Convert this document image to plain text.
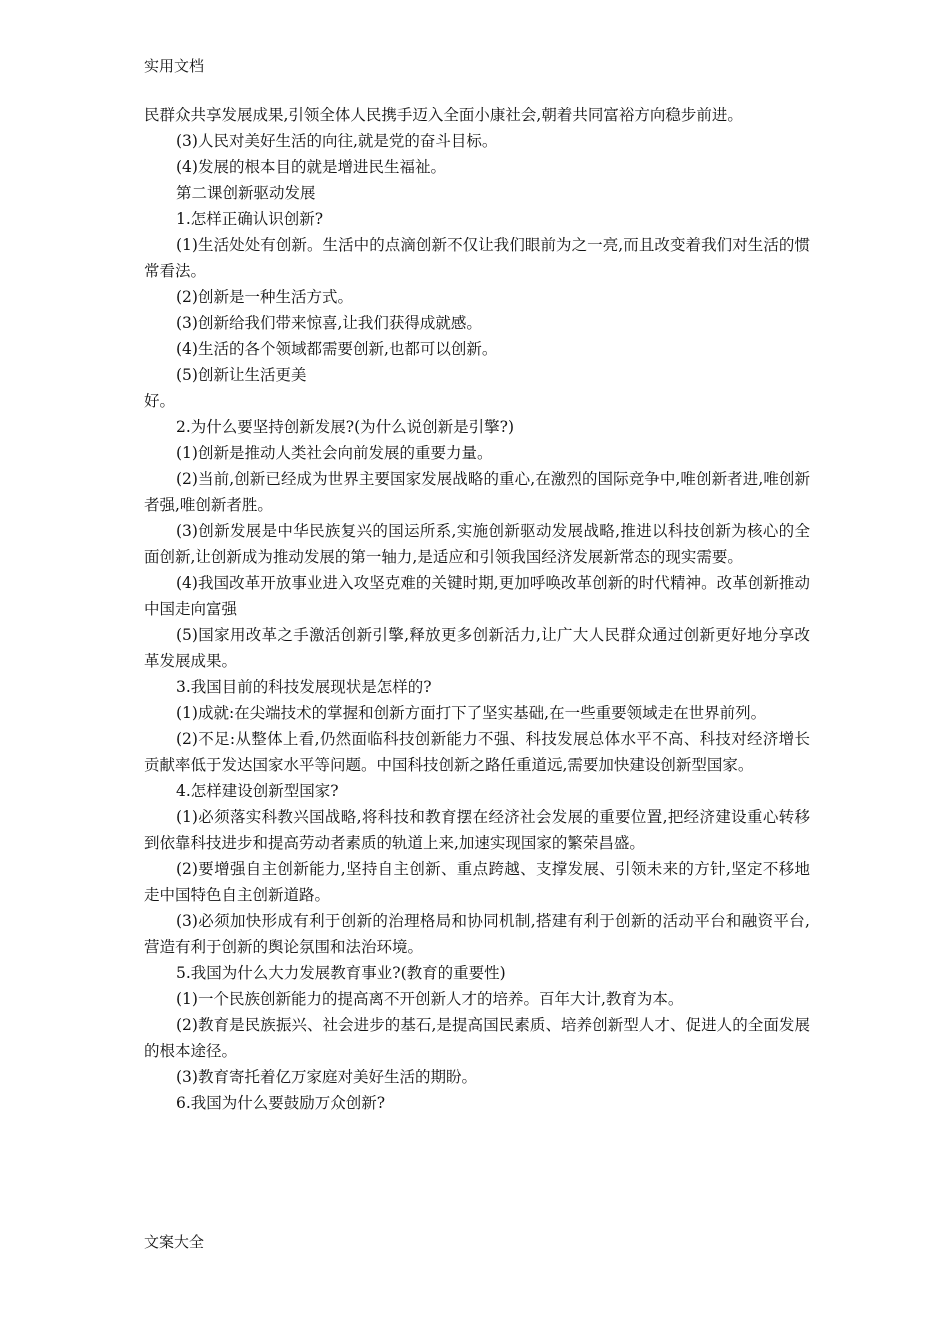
实用文档

民群众共享发展成果,引领全体人民携手迈入全面小康社会,朝着共同富裕方向稳步前进。

(3)人民对美好生活的向往,就是党的奋斗目标。

(4)发展的根本目的就是增进民生福祉。

第二课创新驱动发展

1.怎样正确认识创新?

(1)生活处处有创新。生活中的点滴创新不仅让我们眼前为之一亮,而且改变着我们对生活的惯常看法。

(2)创新是一种生活方式。

(3)创新给我们带来惊喜,让我们获得成就感。

(4)生活的各个领域都需要创新,也都可以创新。

(5)创新让生活更美

好。

2.为什么要坚持创新发展?(为什么说创新是引擎?)

(1)创新是推动人类社会向前发展的重要力量。

(2)当前,创新已经成为世界主要国家发展战略的重心,在激烈的国际竞争中,唯创新者进,唯创新者强,唯创新者胜。

(3)创新发展是中华民族复兴的国运所系,实施创新驱动发展战略,推进以科技创新为核心的全面创新,让创新成为推动发展的第一轴力,是适应和引领我国经济发展新常态的现实需要。

(4)我国改革开放事业进入攻坚克难的关键时期,更加呼唤改革创新的时代精神。改革创新推动中国走向富强

(5)国家用改革之手激活创新引擎,释放更多创新活力,让广大人民群众通过创新更好地分享改革发展成果。

3.我国目前的科技发展现状是怎样的?

(1)成就:在尖端技术的掌握和创新方面打下了坚实基础,在一些重要领域走在世界前列。

(2)不足:从整体上看,仍然面临科技创新能力不强、科技发展总体水平不高、科技对经济增长贡献率低于发达国家水平等问题。中国科技创新之路任重道远,需要加快建设创新型国家。

4.怎样建设创新型国家?

(1)必须落实科教兴国战略,将科技和教育摆在经济社会发展的重要位置,把经济建设重心转移到依靠科技进步和提高劳动者素质的轨道上来,加速实现国家的繁荣昌盛。

(2)要增强自主创新能力,坚持自主创新、重点跨越、支撑发展、引领未来的方针,坚定不移地走中国特色自主创新道路。

(3)必须加快形成有利于创新的治理格局和协同机制,搭建有利于创新的活动平台和融资平台,营造有利于创新的舆论氛围和法治环境。

5.我国为什么大力发展教育事业?(教育的重要性)

(1)一个民族创新能力的提高离不开创新人才的培养。百年大计,教育为本。

(2)教育是民族振兴、社会进步的基石,是提高国民素质、培养创新型人才、促进人的全面发展的根本途径。

(3)教育寄托着亿万家庭对美好生活的期盼。

6.我国为什么要鼓励万众创新?

文案大全
